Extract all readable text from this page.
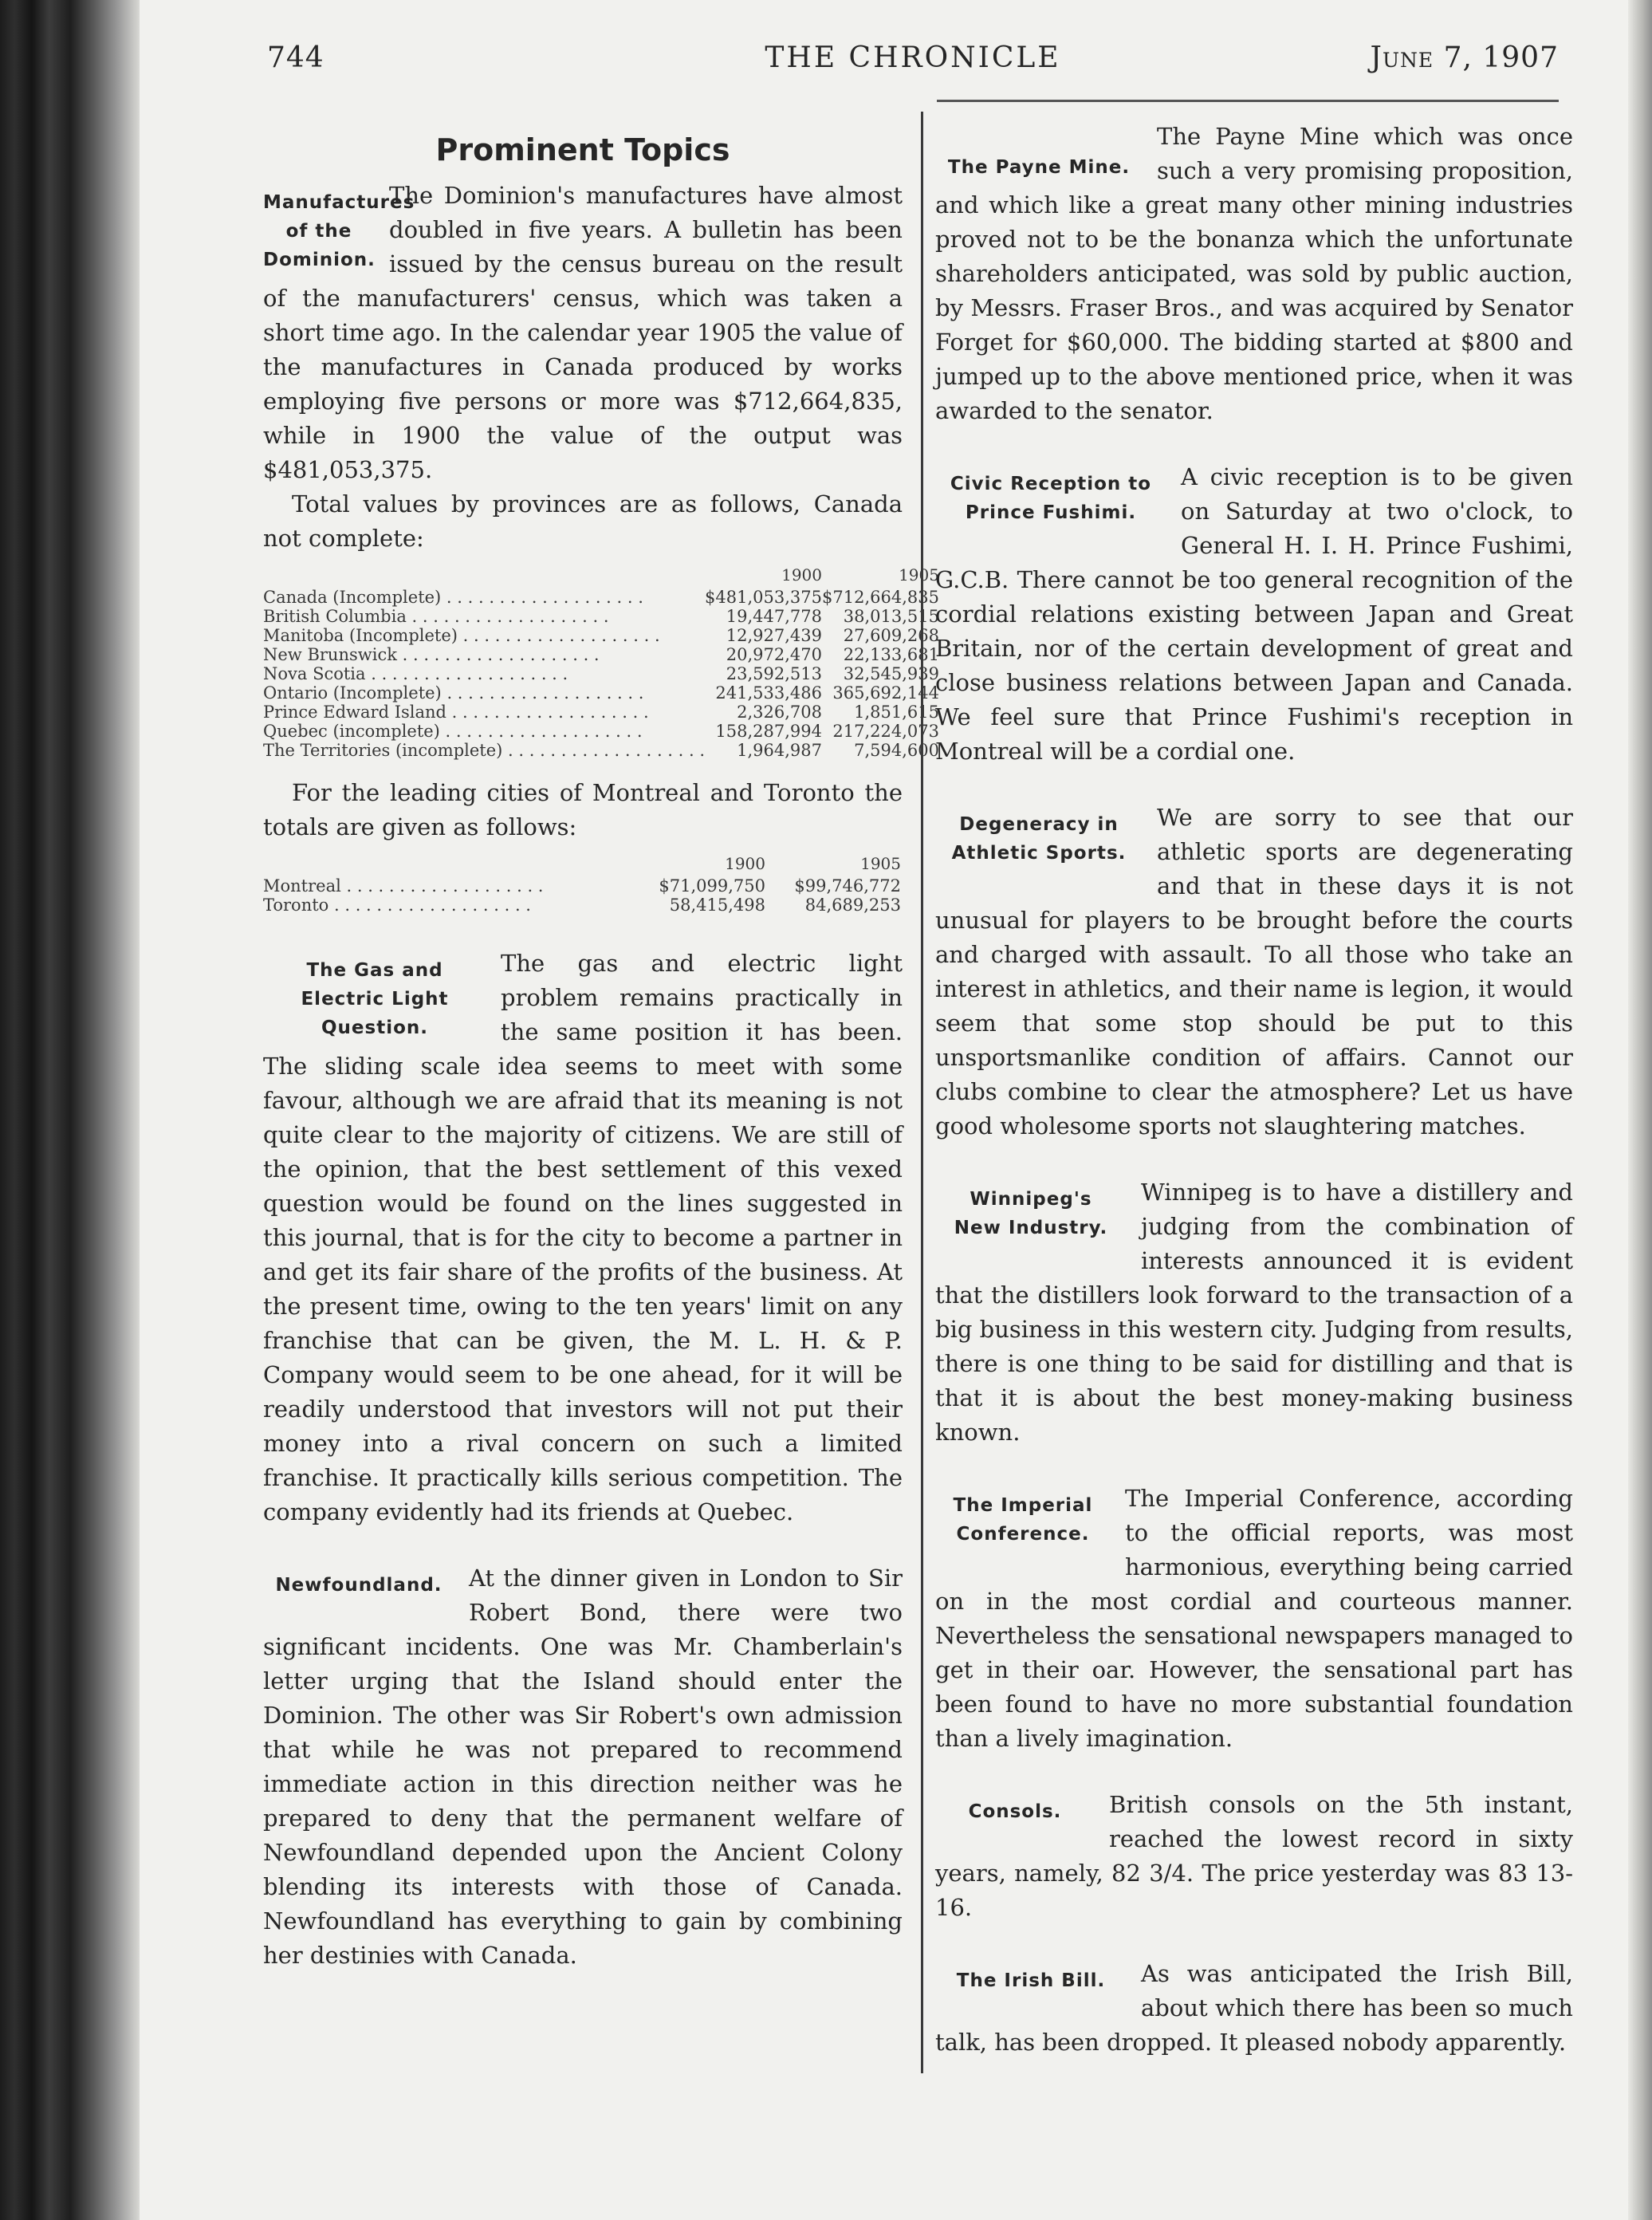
744	THE CHRONICLE	June 7, 1907
Prominent Topics
Manufactures
of the Dominion.

The Dominion's manufactures have almost doubled in five years. A bulletin has been issued by the census bureau on the result of the manufacturers' census, which was taken a short time ago. In the calendar year 1905 the value of the manufactures in Canada produced by works employing five persons or more was $712,664,835, while in 1900 the value of the output was $481,053,375.

Total values by provinces are as follows, Canada not complete:

	1900	1905
Canada (Incomplete) . . .	$481,053,375	$712,664,835
British Columbia . . .	19,447,778	38,013,515
Manitoba (Incomplete) . . .	12,927,439	27,609,268
New Brunswick . . .	20,972,470	22,133,681
Nova Scotia . . .	23,592,513	32,545,939
Ontario (Incomplete) . . .	241,533,486	365,692,144
Prince Edward Island . . .	2,326,708	1,851,615
Quebec (incomplete) . . .	158,287,994	217,224,073
The Territories (incomplete) . . .	1,964,987	7,594,600

For the leading cities of Montreal and Toronto the totals are given as follows:

	1900	1905
Montreal . . .	$71,099,750	$99,746,772
Toronto . . .	58,415,498	84,689,253
The Gas and
Electric Light
Question.

The gas and electric light problem remains practically in the same position it has been. The sliding scale idea seems to meet with some favour, although we are afraid that its meaning is not quite clear to the majority of citizens. We are still of the opinion, that the best settlement of this vexed question would be found on the lines suggested in this journal, that is for the city to become a partner in and get its fair share of the profits of the business. At the present time, owing to the ten years' limit on any franchise that can be given, the M. L. H. & P. Company would seem to be one ahead, for it will be readily understood that investors will not put their money into a rival concern on such a limited franchise. It practically kills serious competition. The company evidently had its friends at Quebec.

Newfoundland.	At the dinner given in London to Sir Robert Bond, there were two significant incidents. One was Mr. Chamberlain's letter urging that the Island should enter the Dominion. The other was Sir Robert's own admission that while he was not prepared to recommend immediate action in this direction neither was he prepared to deny that the permanent welfare of Newfoundland depended upon the Ancient Colony blending its interests with those of Canada. Newfoundland has everything to gain by combining her destinies with Canada.

The Payne Mine.

The Payne Mine which was once such a very promising proposition, and which like a great many other mining industries proved not to be the bonanza which the unfortunate shareholders anticipated, was sold by public auction, by Messrs. Fraser Bros., and was acquired by Senator Forget for $60,000. The bidding started at $800 and jumped up to the above mentioned price, when it was awarded to the senator.

Civic Reception to
Prince Fushimi.

A civic reception is to be given on Saturday at two o'clock, to General H. I. H. Prince Fushimi, G.C.B. There cannot be too general recognition of the cordial relations existing between Japan and Great Britain, nor of the certain development of great and close business relations between Japan and Canada. We feel sure that Prince Fushimi's reception in Montreal will be a cordial one.

Degeneracy in
Athletic Sports.

We are sorry to see that our athletic sports are degenerating and that in these days it is not unusual for players to be brought before the courts and charged with assault. To all those who take an interest in athletics, and their name is legion, it would seem that some stop should be put to this unsportsmanlike condition of affairs. Cannot our clubs combine to clear the atmosphere? Let us have good wholesome sports not slaughtering matches.

Winnipeg's
New Industry.

Winnipeg is to have a distillery and judging from the combination of interests announced it is evident that the distillers look forward to the transaction of a big business in this western city. Judging from results, there is one thing to be said for distilling and that is that it is about the best money-making business known.

The Imperial
Conference.

The Imperial Conference, according to the official reports, was most harmonious, everything being carried on in the most cordial and courteous manner. Nevertheless the sensational newspapers managed to get in their oar. However, the sensational part has been found to have no more substantial foundation than a lively imagination.

Consols.	British consols on the 5th instant, reached the lowest record in sixty years, namely, 82 3/4. The price yesterday was 83 13-16.

The Irish Bill.	As was anticipated the Irish Bill, about which there has been so much talk, has been dropped. It pleased nobody apparently.
